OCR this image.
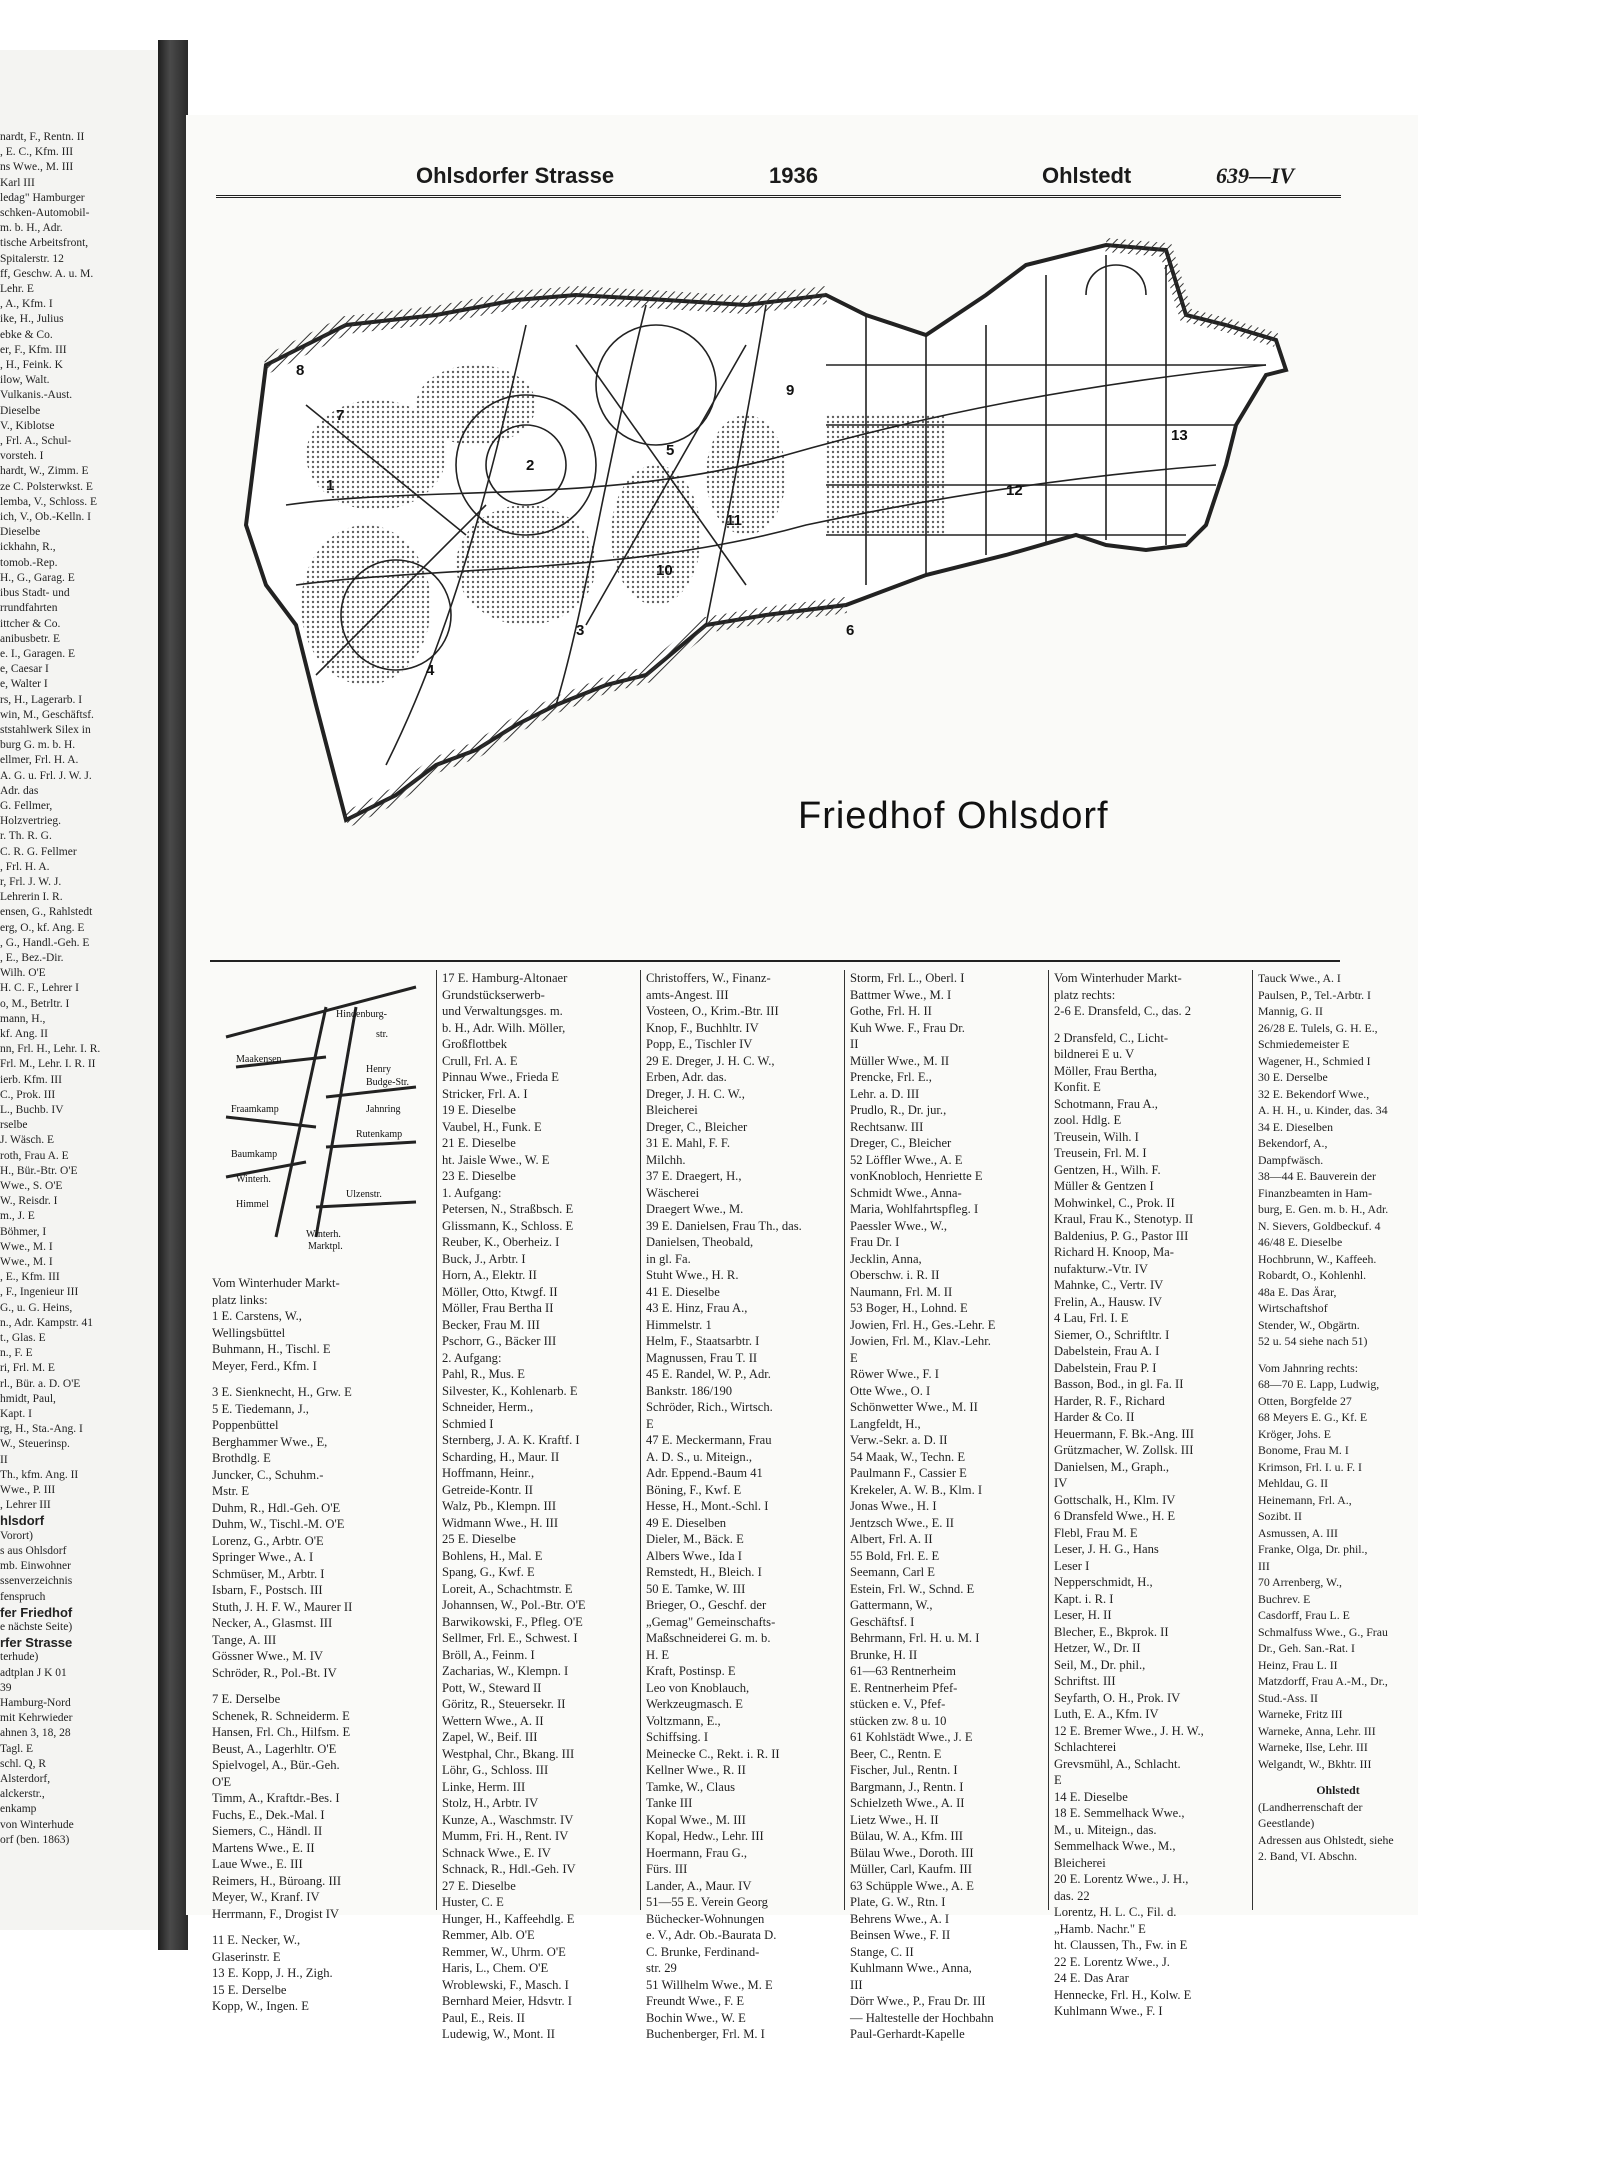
nardt, F., Rentn. II
, E. C., Kfm. III
ns Wwe., M. III
Karl III
ledag" Hamburger
schken-Automobil-
m. b. H., Adr.
tische Arbeitsfront,
Spitalerstr. 12
ff, Geschw. A. u. M.
Lehr. E
, A., Kfm. I
ike, H., Julius
ebke & Co.
er, F., Kfm. III
, H., Feink. K
ilow, Walt.
Vulkanis.-Aust.
Dieselbe
V., Kiblotse
, Frl. A., Schul-
vorsteh. I
hardt, W., Zimm. E
ze C. Polsterwkst. E
lemba, V., Schloss. E
ich, V., Ob.-Kelln. I
Dieselbe
ickhahn, R.,
tomob.-Rep.
H., G., Garag. E
ibus Stadt- und
rrundfahrten
ittcher & Co.
anibusbetr. E
e. I., Garagen. E
e, Caesar I
e, Walter I
rs, H., Lagerarb. I
win, M., Geschäftsf.
ststahlwerk Silex in
burg G. m. b. H.
ellmer, Frl. H. A.
A. G. u. Frl. J. W. J.
Adr. das
G. Fellmer,
Holzvertrieg.
r. Th. R. G.
C. R. G. Fellmer
, Frl. H. A.
r, Frl. J. W. J.
Lehrerin I. R.
ensen, G., Rahlstedt
erg, O., kf. Ang. E
, G., Handl.-Geh. E
, E., Bez.-Dir.
Wilh. O'E
H. C. F., Lehrer I
o, M., Betrltr. I
mann, H.,
kf. Ang. II
nn, Frl. H., Lehr. I. R.
Frl. M., Lehr. I. R. II
ierb. Kfm. III
C., Prok. III
L., Buchb. IV
rselbe
J. Wäsch. E
roth, Frau A. E
H., Bür.-Btr. O'E
Wwe., S. O'E
W., Reisdr. I
m., J. E
Böhmer, I
Wwe., M. I
Wwe., M. I
, E., Kfm. III
, F., Ingenieur III
G., u. G. Heins,
n., Adr. Kampstr. 41
t., Glas. E
n., F. E
ri, Frl. M. E
rl., Bür. a. D. O'E
hmidt, Paul,
Kapt. I
rg, H., Sta.-Ang. I
W., Steuerinsp.
II
Th., kfm. Ang. II
Wwe., P. III
, Lehrer III
hlsdorf
Vorort)
s aus Ohlsdorf
mb. Einwohner
ssenverzeichnis
fenspruch
fer Friedhof
e nächste Seite)
rfer Strasse
terhude)
adtplan J K 01
39
Hamburg-Nord
mit Kehrwieder
ahnen 3, 18, 28
Tagl. E
schl. Q, R
Alsterdorf,
alckerstr.,
enkamp
von Winterhude
orf (ben. 1863)
Ohlsdorfer Strasse	1936	Ohlstedt	639—IV
1
2
3
4
5
6
7
8
9
10
11
12
13
Friedhof Ohlsdorf
Maakensen
Hindenburg-
str.
Fraamkamp
Henry
Budge-Str.
Jahnring
Baumkamp
Rutenkamp
Winterh.
Himmel
Ulzenstr.
Winterh.
Marktpl.
Vom Winterhuder Markt-
platz links:
1 E. Carstens, W.,
Wellingsbüttel
Buhmann, H., Tischl. E
Meyer, Ferd., Kfm. I
3 E. Sienknecht, H., Grw. E
5 E. Tiedemann, J.,
Poppenbüttel
Berghammer Wwe., E,
Brothdlg. E
Juncker, C., Schuhm.-
Mstr. E
Duhm, R., Hdl.-Geh. O'E
Duhm, W., Tischl.-M. O'E
Lorenz, G., Arbtr. O'E
Springer Wwe., A. I
Schmüser, M., Arbtr. I
Isbarn, F., Postsch. III
Stuth, J. H. F. W., Maurer II
Necker, A., Glasmst. III
Tange, A. III
Gössner Wwe., M. IV
Schröder, R., Pol.-Bt. IV
7 E. Derselbe
Schenek, R. Schneiderm. E
Hansen, Frl. Ch., Hilfsm. E
Beust, A., Lagerhltr. O'E
Spielvogel, A., Bür.-Geh.
O'E
Timm, A., Kraftdr.-Bes. I
Fuchs, E., Dek.-Mal. I
Siemers, C., Händl. II
Martens Wwe., E. II
Laue Wwe., E. III
Reimers, H., Büroang. III
Meyer, W., Kranf. IV
Herrmann, F., Drogist IV
11 E. Necker, W.,
Glaserinstr. E
13 E. Kopp, J. H., Zigh.
15 E. Derselbe
Kopp, W., Ingen. E
17 E. Hamburg-Altonaer
Grundstückserwerb-
und Verwaltungsges. m.
b. H., Adr. Wilh. Möller,
Großflottbek
Crull, Frl. A. E
Pinnau Wwe., Frieda E
Stricker, Frl. A. I
19 E. Dieselbe
Vaubel, H., Funk. E
21 E. Dieselbe
ht. Jaisle Wwe., W. E
23 E. Dieselbe
1. Aufgang:
Petersen, N., Straßbsch. E
Glissmann, K., Schloss. E
Reuber, K., Oberheiz. I
Buck, J., Arbtr. I
Horn, A., Elektr. II
Möller, Otto, Ktwgf. II
Möller, Frau Bertha II
Becker, Frau M. III
Pschorr, G., Bäcker III
2. Aufgang:
Pahl, R., Mus. E
Silvester, K., Kohlenarb. E
Schneider, Herm.,
Schmied I
Sternberg, J. A. K. Kraftf. I
Scharding, H., Maur. II
Hoffmann, Heinr.,
Getreide-Kontr. II
Walz, Pb., Klempn. III
Widmann Wwe., H. III
25 E. Dieselbe
Bohlens, H., Mal. E
Spang, G., Kwf. E
Loreit, A., Schachtmstr. E
Johannsen, W., Pol.-Btr. O'E
Barwikowski, F., Pfleg. O'E
Sellmer, Frl. E., Schwest. I
Bröll, A., Feinm. I
Zacharias, W., Klempn. I
Pott, W., Steward II
Göritz, R., Steuersekr. II
Wettern Wwe., A. II
Zapel, W., Beif. III
Westphal, Chr., Bkang. III
Löhr, G., Schloss. III
Linke, Herm. III
Stolz, H., Arbtr. IV
Kunze, A., Waschmstr. IV
Mumm, Fri. H., Rent. IV
Schnack Wwe., E. IV
Schnack, R., Hdl.-Geh. IV
27 E. Dieselbe
Huster, C. E
Hunger, H., Kaffeehdlg. E
Remmer, Alb. O'E
Remmer, W., Uhrm. O'E
Haris, L., Chem. O'E
Wroblewski, F., Masch. I
Bernhard Meier, Hdsvtr. I
Paul, E., Reis. II
Ludewig, W., Mont. II
Christoffers, W., Finanz-
amts-Angest. III
Vosteen, O., Krim.-Btr. III
Knop, F., Buchhltr. IV
Popp, E., Tischler IV
29 E. Dreger, J. H. C. W.,
Erben, Adr. das.
Dreger, J. H. C. W.,
Bleicherei
Dreger, C., Bleicher
31 E. Mahl, F. F.
Milchh.
37 E. Draegert, H.,
Wäscherei
Draegert Wwe., M.
39 E. Danielsen, Frau Th., das.
Danielsen, Theobald,
in gl. Fa.
Stuht Wwe., H. R.
41 E. Dieselbe
43 E. Hinz, Frau A.,
Himmelstr. 1
Helm, F., Staatsarbtr. I
Magnussen, Frau T. II
45 E. Randel, W. P., Adr.
Bankstr. 186/190
Schröder, Rich., Wirtsch.
E
47 E. Meckermann, Frau
A. D. S., u. Miteign.,
Adr. Eppend.-Baum 41
Böning, F., Kwf. E
Hesse, H., Mont.-Schl. I
49 E. Dieselben
Dieler, M., Bäck. E
Albers Wwe., Ida I
Remstedt, H., Bleich. I
50 E. Tamke, W. III
Brieger, O., Geschf. der
„Gemag" Gemeinschafts-
Maßschneiderei G. m. b.
H. E
Kraft, Postinsp. E
Leo von Knoblauch,
Werkzeugmasch. E
Voltzmann, E.,
Schiffsing. I
Meinecke C., Rekt. i. R. II
Kellner Wwe., R. II
Tamke, W., Claus
Tanke III
Kopal Wwe., M. III
Kopal, Hedw., Lehr. III
Hoermann, Frau G.,
Fürs. III
Lander, A., Maur. IV
51—55 E. Verein Georg
Büchecker-Wohnungen
e. V., Adr. Ob.-Baurata D.
C. Brunke, Ferdinand-
str. 29
51 Willhelm Wwe., M. E
Freundt Wwe., F. E
Bochin Wwe., W. E
Buchenberger, Frl. M. I
Storm, Frl. L., Oberl. I
Battmer Wwe., M. I
Gothe, Frl. H. II
Kuh Wwe. F., Frau Dr.
II
Müller Wwe., M. II
Prencke, Frl. E.,
Lehr. a. D. III
Prudlo, R., Dr. jur.,
Rechtsanw. III
Dreger, C., Bleicher
52 Löffler Wwe., A. E
vonKnobloch, Henriette E
Schmidt Wwe., Anna-
Maria, Wohlfahrtspfleg. I
Paessler Wwe., W.,
Frau Dr. I
Jecklin, Anna,
Oberschw. i. R. II
Naumann, Frl. M. II
53 Boger, H., Lohnd. E
Jowien, Frl. H., Ges.-Lehr. E
Jowien, Frl. M., Klav.-Lehr.
E
Röwer Wwe., F. I
Otte Wwe., O. I
Schönwetter Wwe., M. II
Langfeldt, H.,
Verw.-Sekr. a. D. II
54 Maak, W., Techn. E
Paulmann F., Cassier E
Krekeler, A. W. B., Klm. I
Jonas Wwe., H. I
Jentzsch Wwe., E. II
Albert, Frl. A. II
55 Bold, Frl. E. E
Seemann, Carl E
Estein, Frl. W., Schnd. E
Gattermann, W.,
Geschäftsf. I
Behrmann, Frl. H. u. M. I
Brunke, H. II
61—63 Rentnerheim
E. Rentnerheim Pfef-
stücken e. V., Pfef-
stücken zw. 8 u. 10
61 Kohlstädt Wwe., J. E
Beer, C., Rentn. E
Fischer, Jul., Rentn. I
Bargmann, J., Rentn. I
Schielzeth Wwe., A. II
Lietz Wwe., H. II
Bülau, W. A., Kfm. III
Bülau Wwe., Doroth. III
Müller, Carl, Kaufm. III
63 Schüpple Wwe., A. E
Plate, G. W., Rtn. I
Behrens Wwe., A. I
Beinsen Wwe., F. II
Stange, C. II
Kuhlmann Wwe., Anna,
III
Dörr Wwe., P., Frau Dr. III
— Haltestelle der Hochbahn
Paul-Gerhardt-Kapelle
Vom Winterhuder Markt-
platz rechts:
2-6 E. Dransfeld, C., das. 2
2 Dransfeld, C., Licht-
bildnerei E u. V
Möller, Frau Bertha,
Konfit. E
Schotmann, Frau A.,
zool. Hdlg. E
Treusein, Wilh. I
Treusein, Frl. M. I
Gentzen, H., Wilh. F.
Müller & Gentzen I
Mohwinkel, C., Prok. II
Kraul, Frau K., Stenotyp. II
Baldenius, P. G., Pastor III
Richard H. Knoop, Ma-
nufakturw.-Vtr. IV
Mahnke, C., Vertr. IV
Frelin, A., Hausw. IV
4 Lau, Frl. I. E
Siemer, O., Schriftltr. I
Dabelstein, Frau A. I
Dabelstein, Frau P. I
Basson, Bod., in gl. Fa. II
Harder, R. F., Richard
Harder & Co. II
Heuermann, F. Bk.-Ang. III
Grützmacher, W. Zollsk. III
Danielsen, M., Graph.,
IV
Gottschalk, H., Klm. IV
6 Dransfeld Wwe., H. E
Flebl, Frau M. E
Leser, J. H. G., Hans
Leser I
Nepperschmidt, H.,
Kapt. i. R. I
Leser, H. II
Blecher, E., Bkprok. II
Hetzer, W., Dr. II
Seil, M., Dr. phil.,
Schriftst. III
Seyfarth, O. H., Prok. IV
Luth, E. A., Kfm. IV
12 E. Bremer Wwe., J. H. W.,
Schlachterei
Grevsmühl, A., Schlacht.
E
14 E. Dieselbe
18 E. Semmelhack Wwe.,
M., u. Miteign., das.
Semmelhack Wwe., M.,
Bleicherei
20 E. Lorentz Wwe., J. H.,
das. 22
Lorentz, H. L. C., Fil. d.
„Hamb. Nachr." E
ht. Claussen, Th., Fw. in E
22 E. Lorentz Wwe., J.
24 E. Das Arar
Hennecke, Frl. H., Kolw. E
Kuhlmann Wwe., F. I
Tauck Wwe., A. I
Paulsen, P., Tel.-Arbtr. I
Mannig, G. II
26/28 E. Tulels, G. H. E.,
Schmiedemeister E
Wagener, H., Schmied I
30 E. Derselbe
32 E. Bekendorf Wwe.,
A. H. H., u. Kinder, das. 34
34 E. Dieselben
Bekendorf, A.,
Dampfwäsch.
38—44 E. Bauverein der
Finanzbeamten in Ham-
burg, E. Gen. m. b. H., Adr.
N. Sievers, Goldbeckuf. 4
46/48 E. Dieselbe
Hochbrunn, W., Kaffeeh.
Robardt, O., Kohlenhl.
48a E. Das Ärar,
Wirtschaftshof
Stender, W., Obgärtn.
52 u. 54 siehe nach 51)
Vom Jahnring rechts:
68—70 E. Lapp, Ludwig,
Otten, Borgfelde 27
68 Meyers E. G., Kf. E
Kröger, Johs. E
Bonome, Frau M. I
Krimson, Frl. I. u. F. I
Mehldau, G. II
Heinemann, Frl. A.,
Sozibt. II
Asmussen, A. III
Franke, Olga, Dr. phil.,
III
70 Arrenberg, W.,
Buchrev. E
Casdorff, Frau L. E
Schmalfuss Wwe., G., Frau
Dr., Geh. San.-Rat. I
Heinz, Frau L. II
Matzdorff, Frau A.-M., Dr.,
Stud.-Ass. II
Warneke, Fritz III
Warneke, Anna, Lehr. III
Warneke, Ilse, Lehr. III
Welgandt, W., Bkhtr. III
Ohlstedt
(Landherrenschaft der
Geestlande)
Adressen aus Ohlstedt, siehe
2. Band, VI. Abschn.
